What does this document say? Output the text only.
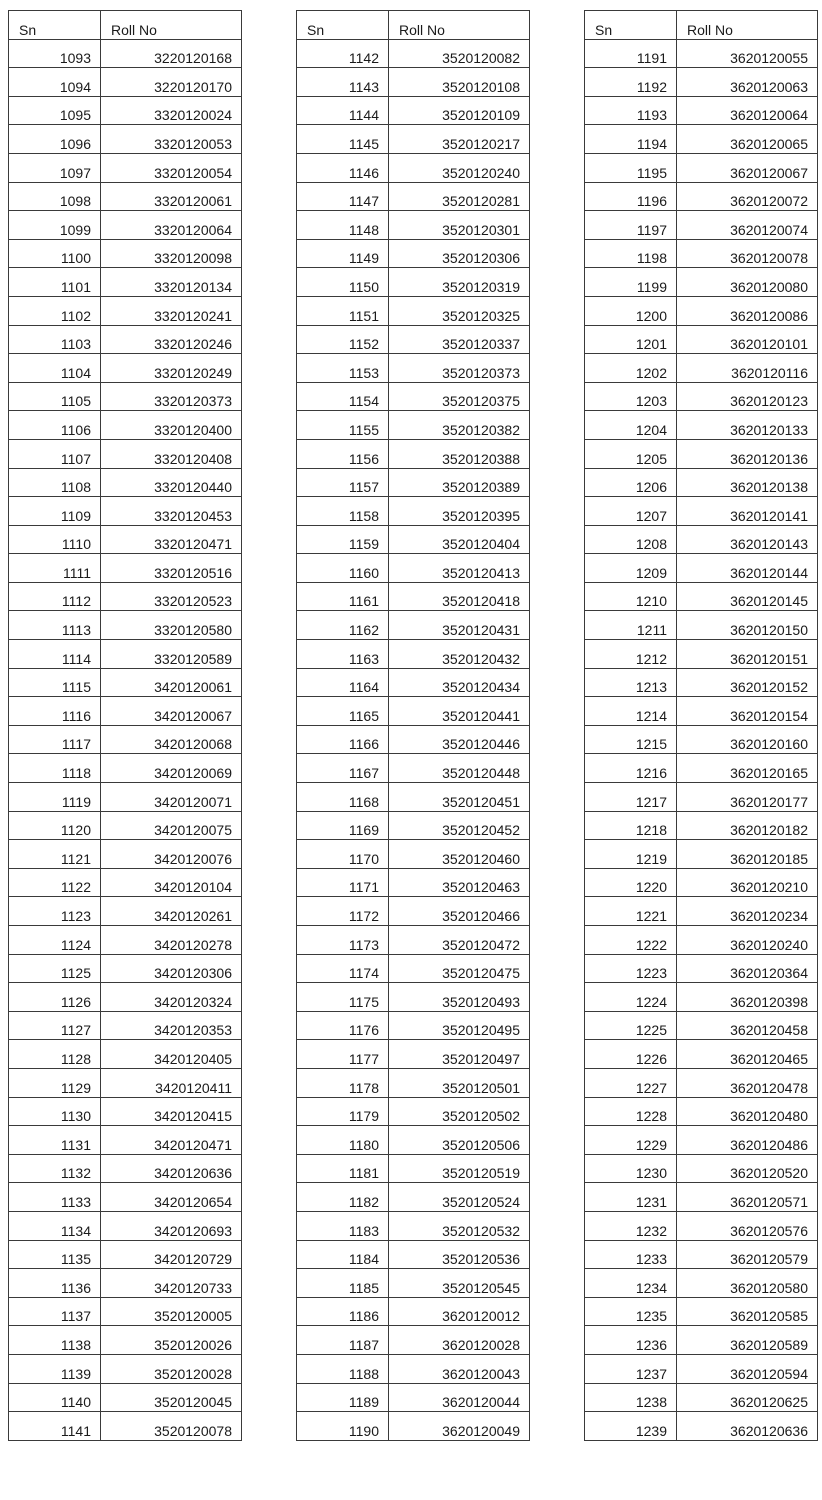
Sn	Roll No
1093	3220120168
1094	3220120170
1095	3320120024
1096	3320120053
1097	3320120054
1098	3320120061
1099	3320120064
1100	3320120098
1101	3320120134
1102	3320120241
1103	3320120246
1104	3320120249
1105	3320120373
1106	3320120400
1107	3320120408
1108	3320120440
1109	3320120453
1110	3320120471
1111	3320120516
1112	3320120523
1113	3320120580
1114	3320120589
1115	3420120061
1116	3420120067
1117	3420120068
1118	3420120069
1119	3420120071
1120	3420120075
1121	3420120076
1122	3420120104
1123	3420120261
1124	3420120278
1125	3420120306
1126	3420120324
1127	3420120353
1128	3420120405
1129	3420120411
1130	3420120415
1131	3420120471
1132	3420120636
1133	3420120654
1134	3420120693
1135	3420120729
1136	3420120733
1137	3520120005
1138	3520120026
1139	3520120028
1140	3520120045
1141	3520120078
Sn	Roll No
1142	3520120082
1143	3520120108
1144	3520120109
1145	3520120217
1146	3520120240
1147	3520120281
1148	3520120301
1149	3520120306
1150	3520120319
1151	3520120325
1152	3520120337
1153	3520120373
1154	3520120375
1155	3520120382
1156	3520120388
1157	3520120389
1158	3520120395
1159	3520120404
1160	3520120413
1161	3520120418
1162	3520120431
1163	3520120432
1164	3520120434
1165	3520120441
1166	3520120446
1167	3520120448
1168	3520120451
1169	3520120452
1170	3520120460
1171	3520120463
1172	3520120466
1173	3520120472
1174	3520120475
1175	3520120493
1176	3520120495
1177	3520120497
1178	3520120501
1179	3520120502
1180	3520120506
1181	3520120519
1182	3520120524
1183	3520120532
1184	3520120536
1185	3520120545
1186	3620120012
1187	3620120028
1188	3620120043
1189	3620120044
1190	3620120049
Sn	Roll No
1191	3620120055
1192	3620120063
1193	3620120064
1194	3620120065
1195	3620120067
1196	3620120072
1197	3620120074
1198	3620120078
1199	3620120080
1200	3620120086
1201	3620120101
1202	3620120116
1203	3620120123
1204	3620120133
1205	3620120136
1206	3620120138
1207	3620120141
1208	3620120143
1209	3620120144
1210	3620120145
1211	3620120150
1212	3620120151
1213	3620120152
1214	3620120154
1215	3620120160
1216	3620120165
1217	3620120177
1218	3620120182
1219	3620120185
1220	3620120210
1221	3620120234
1222	3620120240
1223	3620120364
1224	3620120398
1225	3620120458
1226	3620120465
1227	3620120478
1228	3620120480
1229	3620120486
1230	3620120520
1231	3620120571
1232	3620120576
1233	3620120579
1234	3620120580
1235	3620120585
1236	3620120589
1237	3620120594
1238	3620120625
1239	3620120636
